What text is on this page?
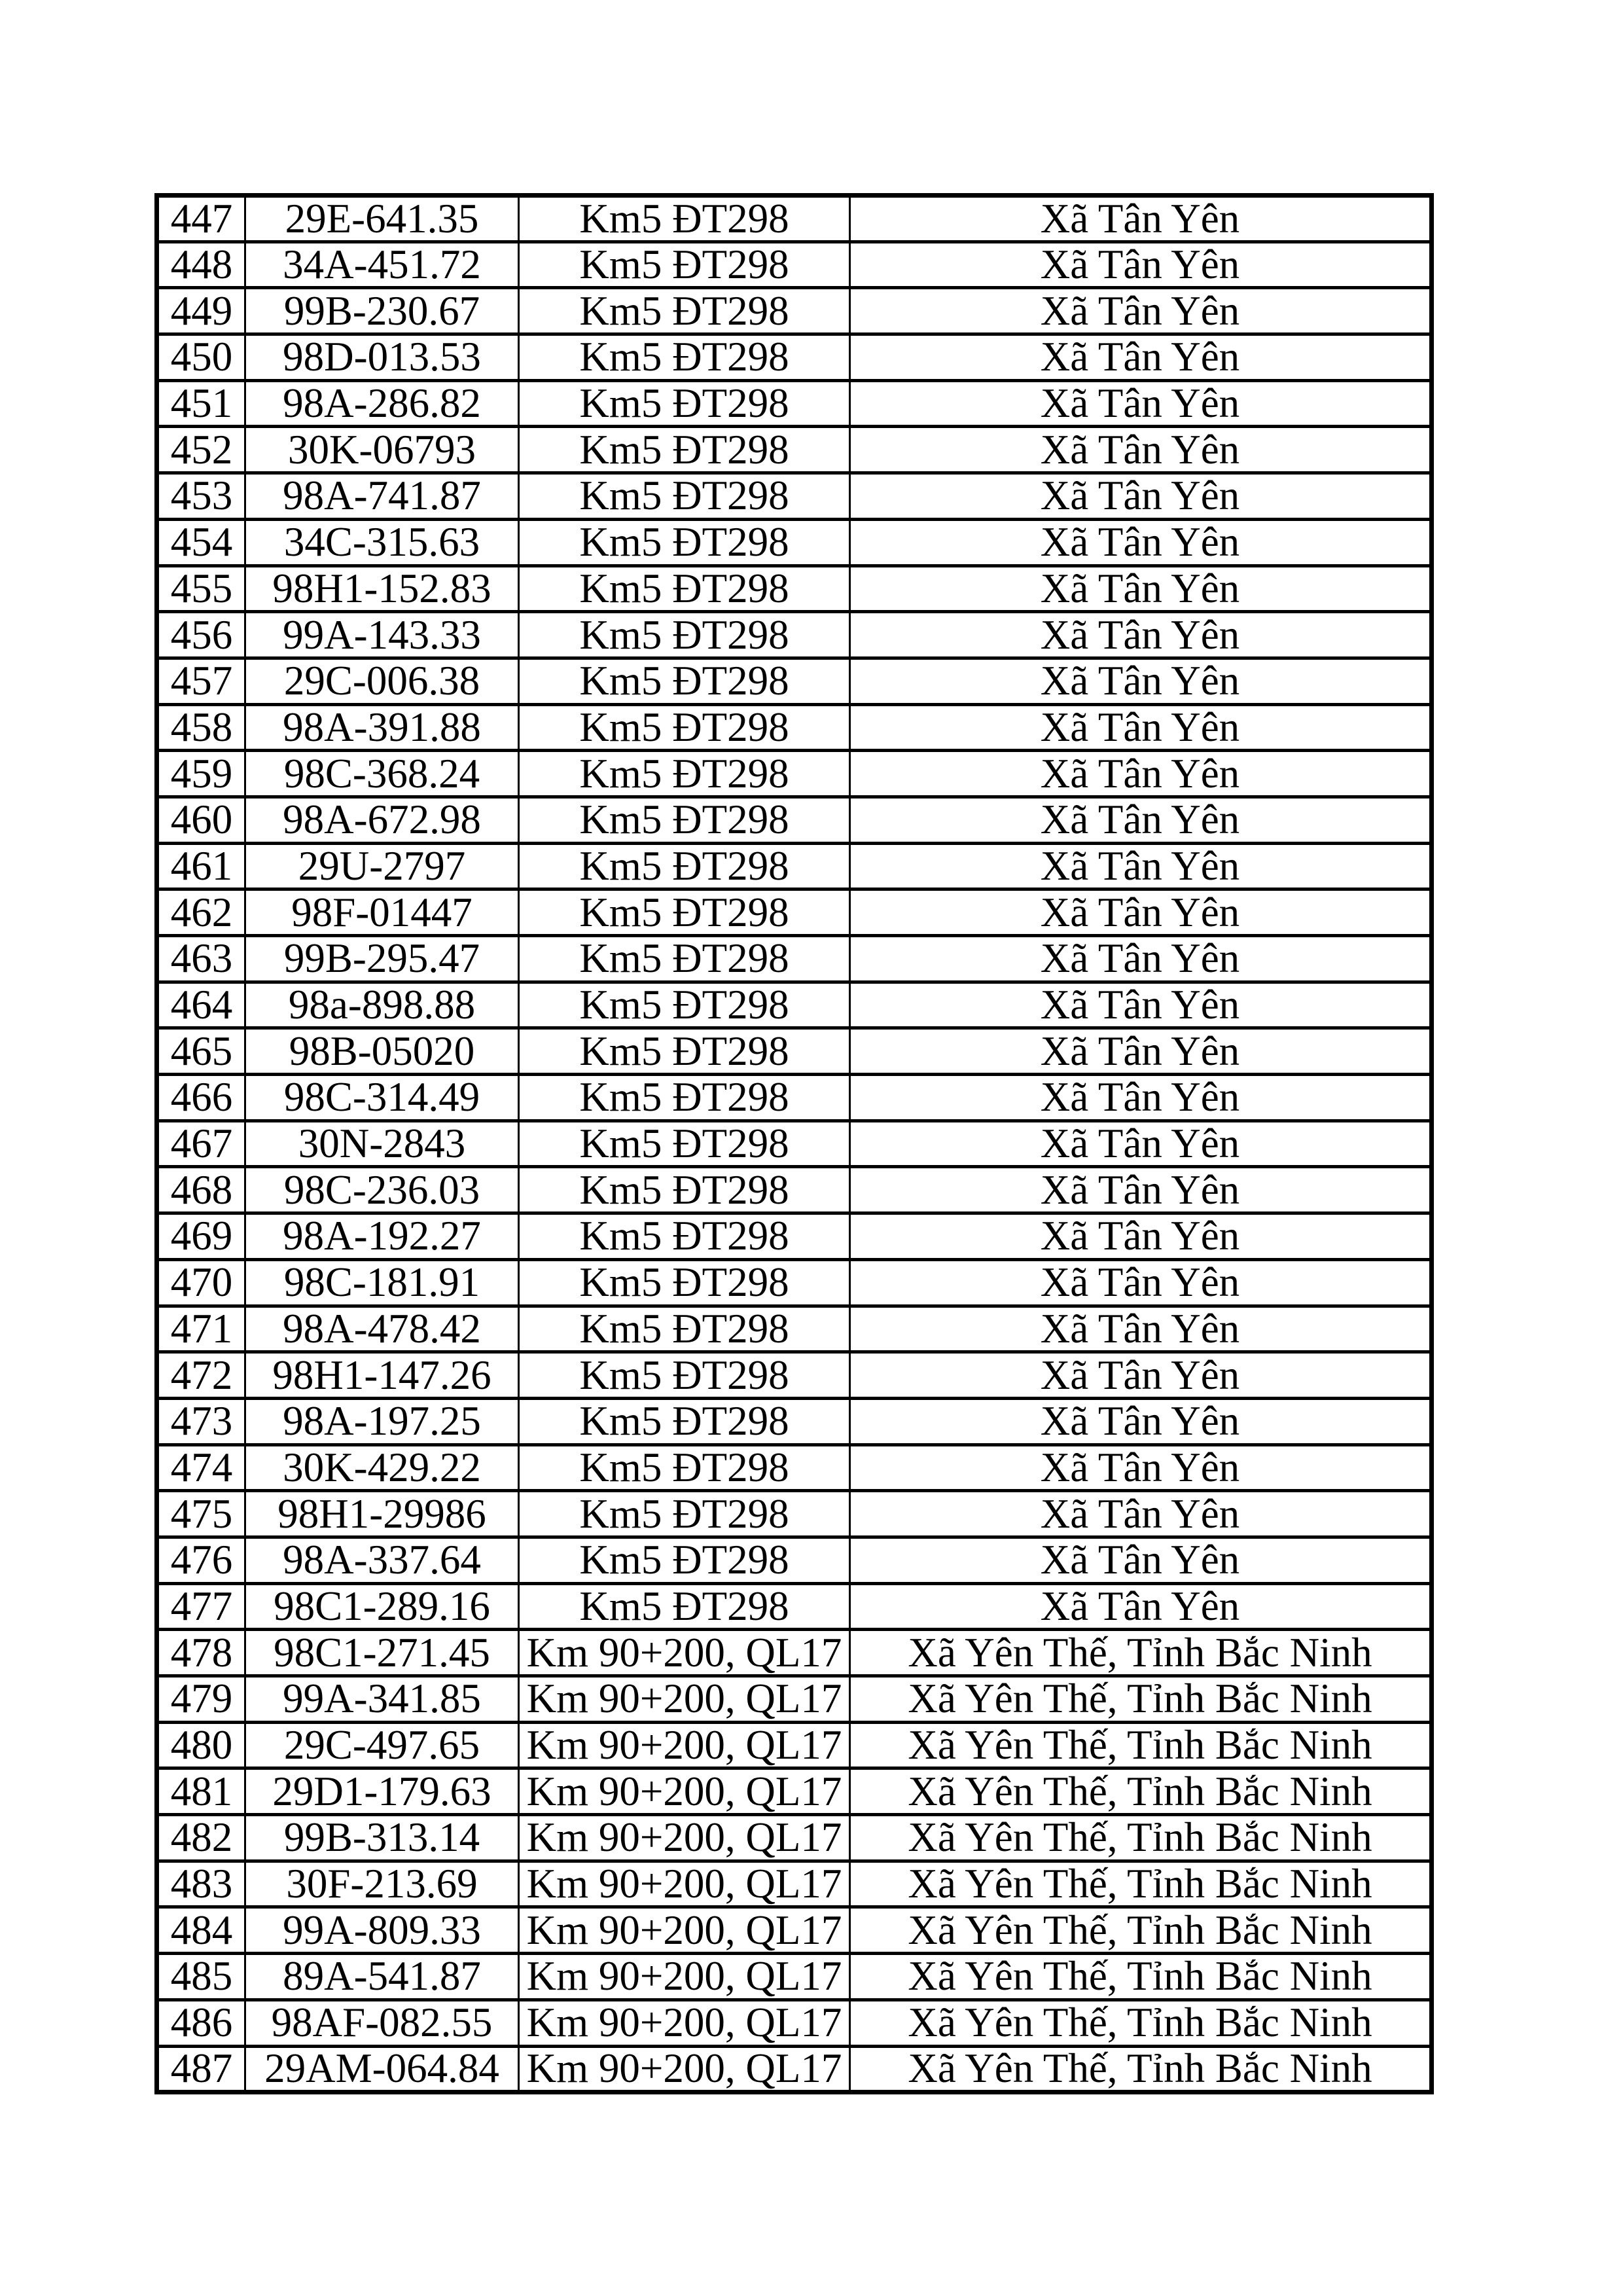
447	29E-641.35	Km5 ĐT298	Xã Tân Yên
448	34A-451.72	Km5 ĐT298	Xã Tân Yên
449	99B-230.67	Km5 ĐT298	Xã Tân Yên
450	98D-013.53	Km5 ĐT298	Xã Tân Yên
451	98A-286.82	Km5 ĐT298	Xã Tân Yên
452	30K-06793	Km5 ĐT298	Xã Tân Yên
453	98A-741.87	Km5 ĐT298	Xã Tân Yên
454	34C-315.63	Km5 ĐT298	Xã Tân Yên
455	98H1-152.83	Km5 ĐT298	Xã Tân Yên
456	99A-143.33	Km5 ĐT298	Xã Tân Yên
457	29C-006.38	Km5 ĐT298	Xã Tân Yên
458	98A-391.88	Km5 ĐT298	Xã Tân Yên
459	98C-368.24	Km5 ĐT298	Xã Tân Yên
460	98A-672.98	Km5 ĐT298	Xã Tân Yên
461	29U-2797	Km5 ĐT298	Xã Tân Yên
462	98F-01447	Km5 ĐT298	Xã Tân Yên
463	99B-295.47	Km5 ĐT298	Xã Tân Yên
464	98a-898.88	Km5 ĐT298	Xã Tân Yên
465	98B-05020	Km5 ĐT298	Xã Tân Yên
466	98C-314.49	Km5 ĐT298	Xã Tân Yên
467	30N-2843	Km5 ĐT298	Xã Tân Yên
468	98C-236.03	Km5 ĐT298	Xã Tân Yên
469	98A-192.27	Km5 ĐT298	Xã Tân Yên
470	98C-181.91	Km5 ĐT298	Xã Tân Yên
471	98A-478.42	Km5 ĐT298	Xã Tân Yên
472	98H1-147.26	Km5 ĐT298	Xã Tân Yên
473	98A-197.25	Km5 ĐT298	Xã Tân Yên
474	30K-429.22	Km5 ĐT298	Xã Tân Yên
475	98H1-29986	Km5 ĐT298	Xã Tân Yên
476	98A-337.64	Km5 ĐT298	Xã Tân Yên
477	98C1-289.16	Km5 ĐT298	Xã Tân Yên
478	98C1-271.45	Km 90+200, QL17	Xã Yên Thế, Tỉnh Bắc Ninh
479	99A-341.85	Km 90+200, QL17	Xã Yên Thế, Tỉnh Bắc Ninh
480	29C-497.65	Km 90+200, QL17	Xã Yên Thế, Tỉnh Bắc Ninh
481	29D1-179.63	Km 90+200, QL17	Xã Yên Thế, Tỉnh Bắc Ninh
482	99B-313.14	Km 90+200, QL17	Xã Yên Thế, Tỉnh Bắc Ninh
483	30F-213.69	Km 90+200, QL17	Xã Yên Thế, Tỉnh Bắc Ninh
484	99A-809.33	Km 90+200, QL17	Xã Yên Thế, Tỉnh Bắc Ninh
485	89A-541.87	Km 90+200, QL17	Xã Yên Thế, Tỉnh Bắc Ninh
486	98AF-082.55	Km 90+200, QL17	Xã Yên Thế, Tỉnh Bắc Ninh
487	29AM-064.84	Km 90+200, QL17	Xã Yên Thế, Tỉnh Bắc Ninh
